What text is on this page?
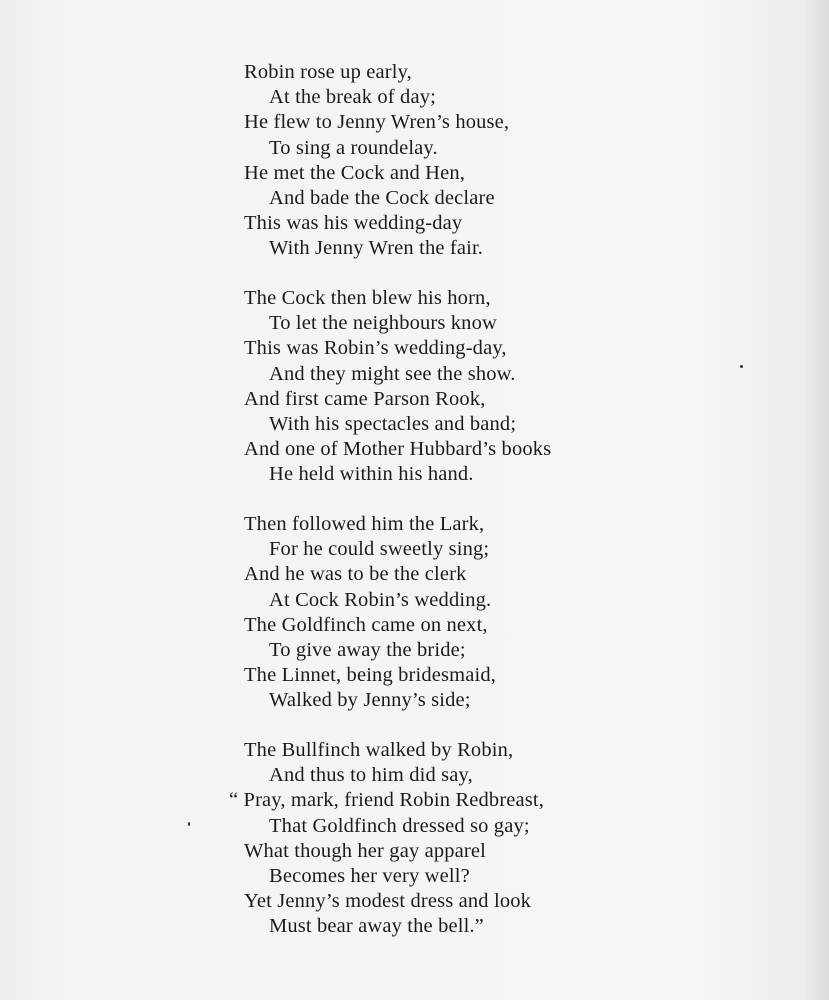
Robin rose up early,
At the break of day;
He flew to Jenny Wren’s house,
To sing a roundelay.
He met the Cock and Hen,
And bade the Cock declare
This was his wedding-day
With Jenny Wren the fair.
The Cock then blew his horn,
To let the neighbours know
This was Robin’s wedding-day,
And they might see the show.
And first came Parson Rook,
With his spectacles and band;
And one of Mother Hubbard’s books
He held within his hand.
Then followed him the Lark,
For he could sweetly sing;
And he was to be the clerk
At Cock Robin’s wedding.
The Goldfinch came on next,
To give away the bride;
The Linnet, being bridesmaid,
Walked by Jenny’s side;
The Bullfinch walked by Robin,
And thus to him did say,
“ Pray, mark, friend Robin Redbreast,
That Goldfinch dressed so gay;
What though her gay apparel
Becomes her very well?
Yet Jenny’s modest dress and look
Must bear away the bell.”
